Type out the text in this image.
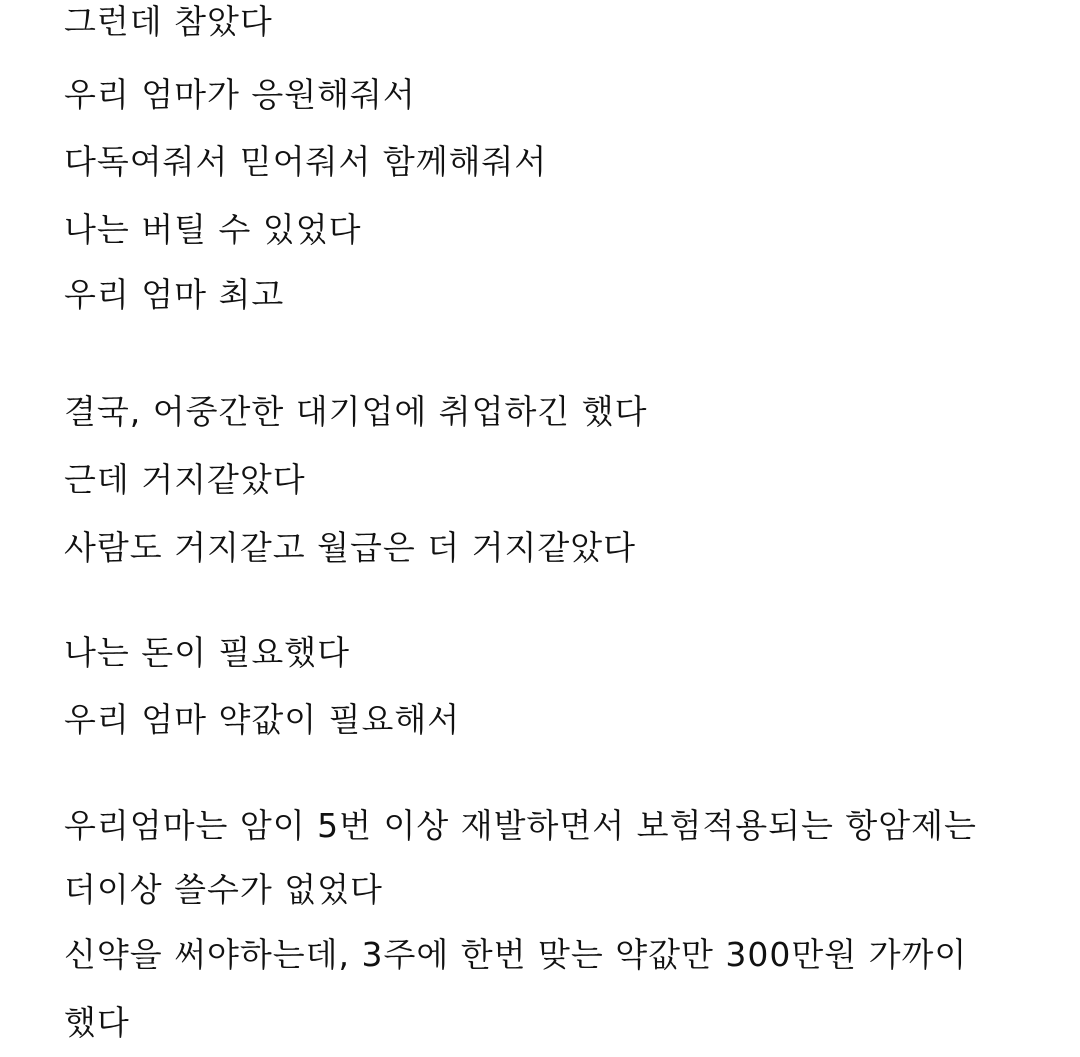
그런데 참았다
우리 엄마가 응원해줘서
다독여줘서 믿어줘서 함께해줘서
나는 버틸 수 있었다
우리 엄마 최고
결국, 어중간한 대기업에 취업하긴 했다
근데 거지같았다
사람도 거지같고 월급은 더 거지같았다
나는 돈이 필요했다
우리 엄마 약값이 필요해서
우리엄마는 암이 5번 이상 재발하면서 보험적용되는 항암제는
더이상 쓸수가 없었다
신약을 써야하는데, 3주에 한번 맞는 약값만 300만원 가까이
했다
